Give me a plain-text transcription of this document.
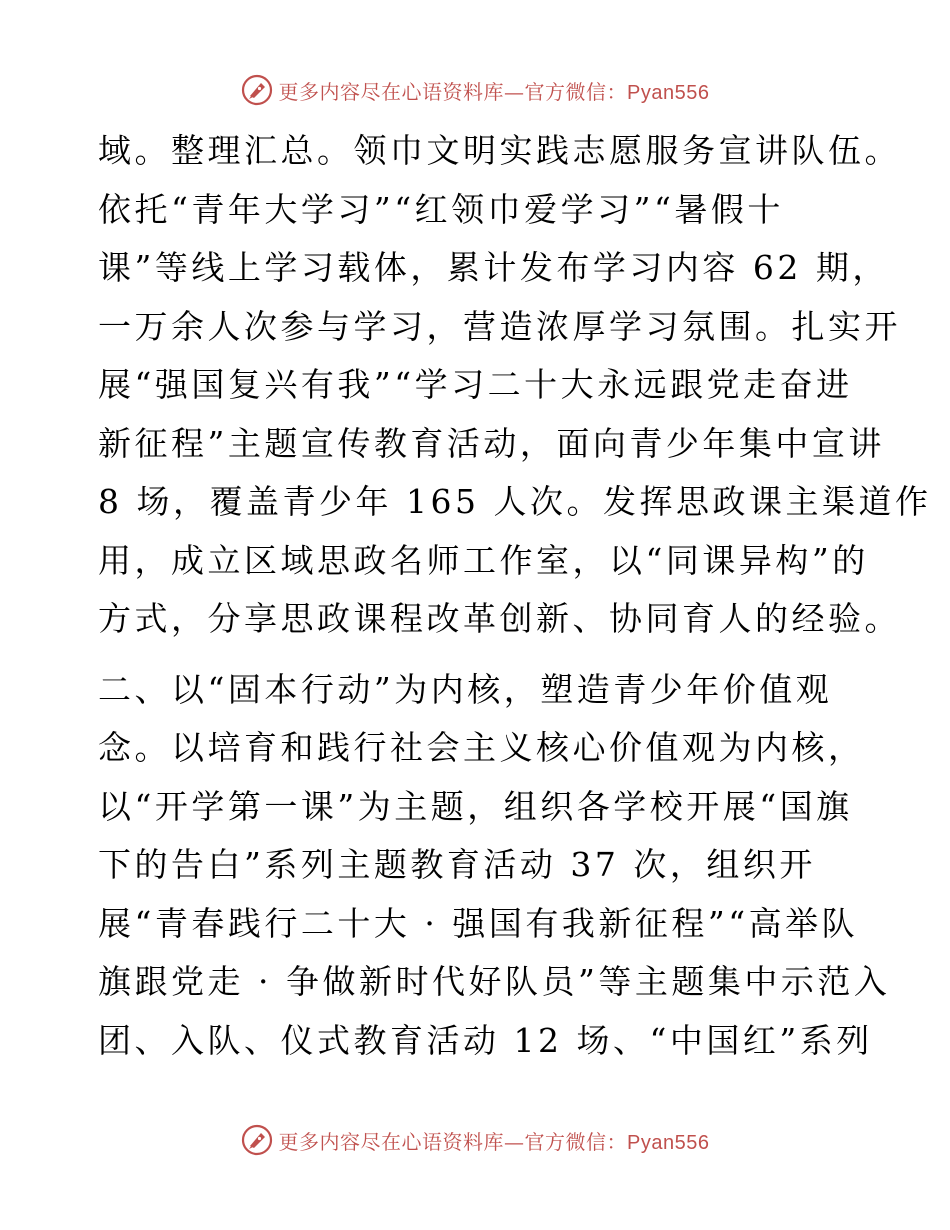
更多内容尽在心语资料库—官方微信：Pyan556

域。整理汇总。领巾文明实践志愿服务宣讲队伍。

依托“青年大学习”“红领巾爱学习”“暑假十

课”等线上学习载体，累计发布学习内容 62 期，

一万余人次参与学习，营造浓厚学习氛围。扎实开

展“强国复兴有我”“学习二十大永远跟党走奋进

新征程”主题宣传教育活动，面向青少年集中宣讲

8 场，覆盖青少年 165 人次。发挥思政课主渠道作

用，成立区域思政名师工作室，以“同课异构”的

方式，分享思政课程改革创新、协同育人的经验。

二、以“固本行动”为内核，塑造青少年价值观

念。以培育和践行社会主义核心价值观为内核，

以“开学第一课”为主题，组织各学校开展“国旗

下的告白”系列主题教育活动 37 次，组织开

展“青春践行二十大 · 强国有我新征程”“高举队

旗跟党走 · 争做新时代好队员”等主题集中示范入

团、入队、仪式教育活动 12 场、“中国红”系列

更多内容尽在心语资料库—官方微信：Pyan556
